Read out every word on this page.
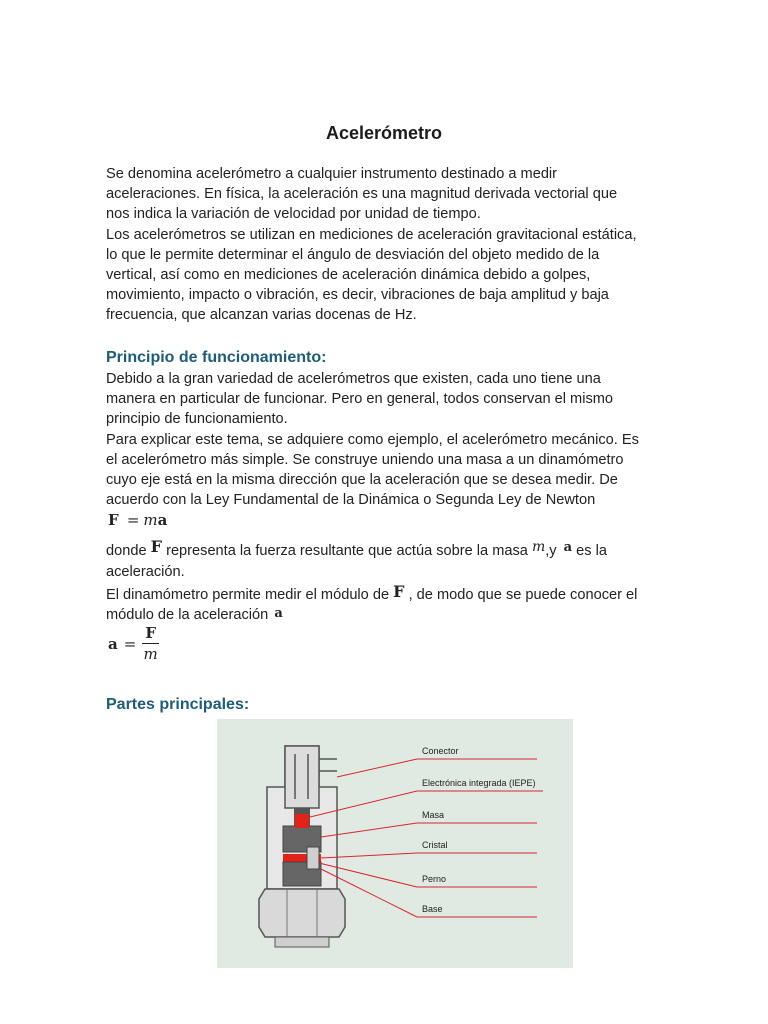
Acelerómetro
Se denomina acelerómetro a cualquier instrumento destinado a medir
aceleraciones. En física, la aceleración es una magnitud derivada vectorial que
nos indica la variación de velocidad por unidad de tiempo.
Los acelerómetros se utilizan en mediciones de aceleración gravitacional estática,
lo que le permite determinar el ángulo de desviación del objeto medido de la
vertical, así como en mediciones de aceleración dinámica debido a golpes,
movimiento, impacto o vibración, es decir, vibraciones de baja amplitud y baja
frecuencia, que alcanzan varias docenas de Hz.
Principio de funcionamiento:
Debido a la gran variedad de acelerómetros que existen, cada uno tiene una
manera en particular de funcionar. Pero en general, todos conservan el mismo
principio de funcionamiento.
Para explicar este tema, se adquiere como ejemplo, el acelerómetro mecánico. Es
el acelerómetro más simple. Se construye uniendo una masa a un dinamómetro
cuyo eje está en la misma dirección que la aceleración que se desea medir. De
acuerdo con la Ley Fundamental de la Dinámica o Segunda Ley de Newton
F = ma
donde F representa la fuerza resultante que actúa sobre la masa m,y a es la
aceleración.
El dinamómetro permite medir el módulo de F , de modo que se puede conocer el
módulo de la aceleración a
$a = \frac{F}{m}$
Partes principales:
Conector
Electrónica integrada (IEPE)
Masa
Cristal
Perno
Base
